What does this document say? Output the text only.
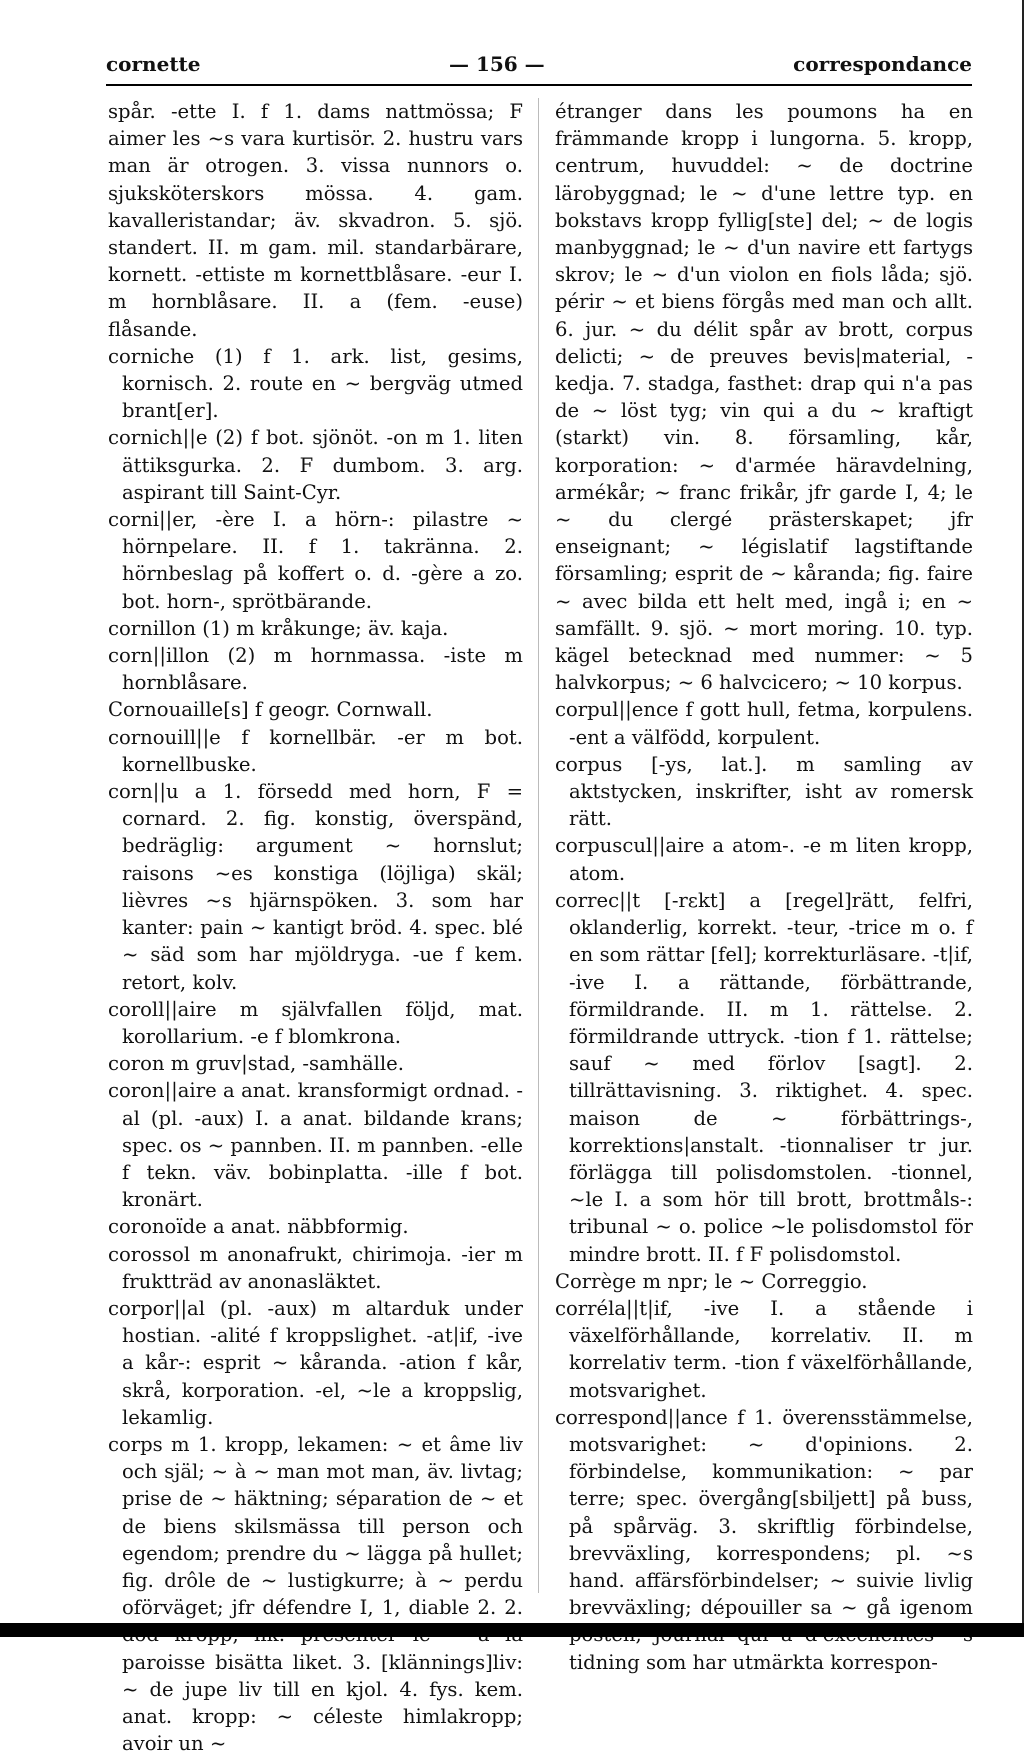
cornette	— 156 —	correspondance

spår. -ette I. f 1. dams nattmössa; F aimer les ~s vara kurtisör. 2. hustru vars man är otrogen. 3. vissa nunnors o. sjuksköterskors mössa. 4. gam. kavalleristandar; äv. skvadron. 5. sjö. standert. II. m gam. mil. standarbärare, kornett. -ettiste m kornettblåsare. -eur I. m hornblåsare. II. a (fem. -euse) flåsande.

corniche (1) f 1. ark. list, gesims, kornisch. 2. route en ~ bergväg utmed brant[er].

cornich||e (2) f bot. sjönöt. -on m 1. liten ättiksgurka. 2. F dumbom. 3. arg. aspirant till Saint-Cyr.

corni||er, -ère I. a hörn-: pilastre ~ hörnpelare. II. f 1. takränna. 2. hörnbeslag på koffert o. d. -gère a zo. bot. horn-, sprötbärande.

cornillon (1) m kråkunge; äv. kaja.

corn||illon (2) m hornmassa. -iste m hornblåsare.

Cornouaille[s] f geogr. Cornwall.

cornouill||e f kornellbär. -er m bot. kornellbuske.

corn||u a 1. försedd med horn, F = cornard. 2. fig. konstig, överspänd, bedräglig: argument ~ hornslut; raisons ~es konstiga (löjliga) skäl; lièvres ~s hjärnspöken. 3. som har kanter: pain ~ kantigt bröd. 4. spec. blé ~ säd som har mjöldryga. -ue f kem. retort, kolv.

coroll||aire m självfallen följd, mat. korollarium. -e f blomkrona.

coron m gruv|stad, -samhälle.

coron||aire a anat. kransformigt ordnad. -al (pl. -aux) I. a anat. bildande krans; spec. os ~ pannben. II. m pannben. -elle f tekn. väv. bobinplatta. -ille f bot. kronärt.

coronoïde a anat. näbbformig.

corossol m anonafrukt, chirimoja. -ier m fruktträd av anonasläktet.

corpor||al (pl. -aux) m altarduk under hostian. -alité f kroppslighet. -at|if, -ive a kår-: esprit ~ kåranda. -ation f kår, skrå, korporation. -el, ~le a kroppslig, lekamlig.

corps m 1. kropp, lekamen: ~ et âme liv och själ; ~ à ~ man mot man, äv. livtag; prise de ~ häktning; séparation de ~ et de biens skilsmässa till person och egendom; prendre du ~ lägga på hullet; fig. drôle de ~ lustigkurre; à ~ perdu oförväget; jfr défendre I, 1, diable 2. 2. paroisse bisätta liket. 3. [klännings]liv: ~ de jupe liv till en kjol. 4. fys. kem. anat. kropp: ~ céleste himlakropp; avoir un ~

étranger dans les poumons ha en främmande kropp i lungorna. 5. kropp, centrum, huvuddel: ~ de doctrine lärobyggnad; le ~ d'une lettre typ. en bokstavs kropp fyllig[ste] del; ~ de logis manbyggnad; le ~ d'un navire ett fartygs skrov; le ~ d'un violon en fiols låda; sjö. périr ~ et biens förgås med man och allt. 6. jur. ~ du délit spår av brott, corpus delicti; ~ de preuves bevis|material, -kedja. 7. stadga, fasthet: drap qui n'a pas de ~ löst tyg; vin qui a du ~ kraftigt (starkt) vin. 8. församling, kår, korporation: ~ d'armée häravdelning, armékår; ~ franc frikår, jfr garde I, 4; le ~ du clergé prästerskapet; jfr enseignant; ~ législatif lagstiftande församling; esprit de ~ kåranda; fig. faire ~ avec bilda ett helt med, ingå i; en ~ samfällt. 9. sjö. ~ mort moring. 10. typ. kägel betecknad med nummer: ~ 5 halvkorpus; ~ 6 halvcicero; ~ 10 korpus.

corpul||ence f gott hull, fetma, korpulens. -ent a välfödd, korpulent.

corpus [-ys, lat.]. m samling av aktstycken, inskrifter, isht av romersk rätt.

corpuscul||aire a atom-. -e m liten kropp, atom.

correc||t [-rεkt] a [regel]rätt, felfri, oklanderlig, korrekt. -teur, -trice m o. f en som rättar [fel]; korrekturläsare. -t|if, -ive I. a rättande, förbättrande, förmildrande. II. m 1. rättelse. 2. förmildrande uttryck. -tion f 1. rättelse; sauf ~ med förlov [sagt]. 2. tillrättavisning. 3. riktighet. 4. spec. maison de ~ förbättrings-, korrektions|anstalt. -tionnaliser tr jur. förlägga till polisdomstolen. -tionnel, ~le I. a som hör till brott, brottmåls-: tribunal ~ o. police ~le polisdomstol för mindre brott. II. f F polisdomstol.

Corrège m npr; le ~ Correggio.

corréla||t|if, -ive I. a stående i växelförhållande, korrelativ. II. m korrelativ term. -tion f växelförhållande, motsvarighet.

correspond||ance f 1. överensstämmelse, motsvarighet: ~ d'opinions. 2. förbindelse, kommunikation: ~ par terre; spec. övergång[sbiljett] på buss, på spårväg. 3. skriftlig förbindelse, brevväxling, korrespondens; pl. ~s hand. affärsförbindelser; ~ suivie livlig brevväxling; dépouiller sa ~ gå igenom tidning som har utmärkta korrespon-
